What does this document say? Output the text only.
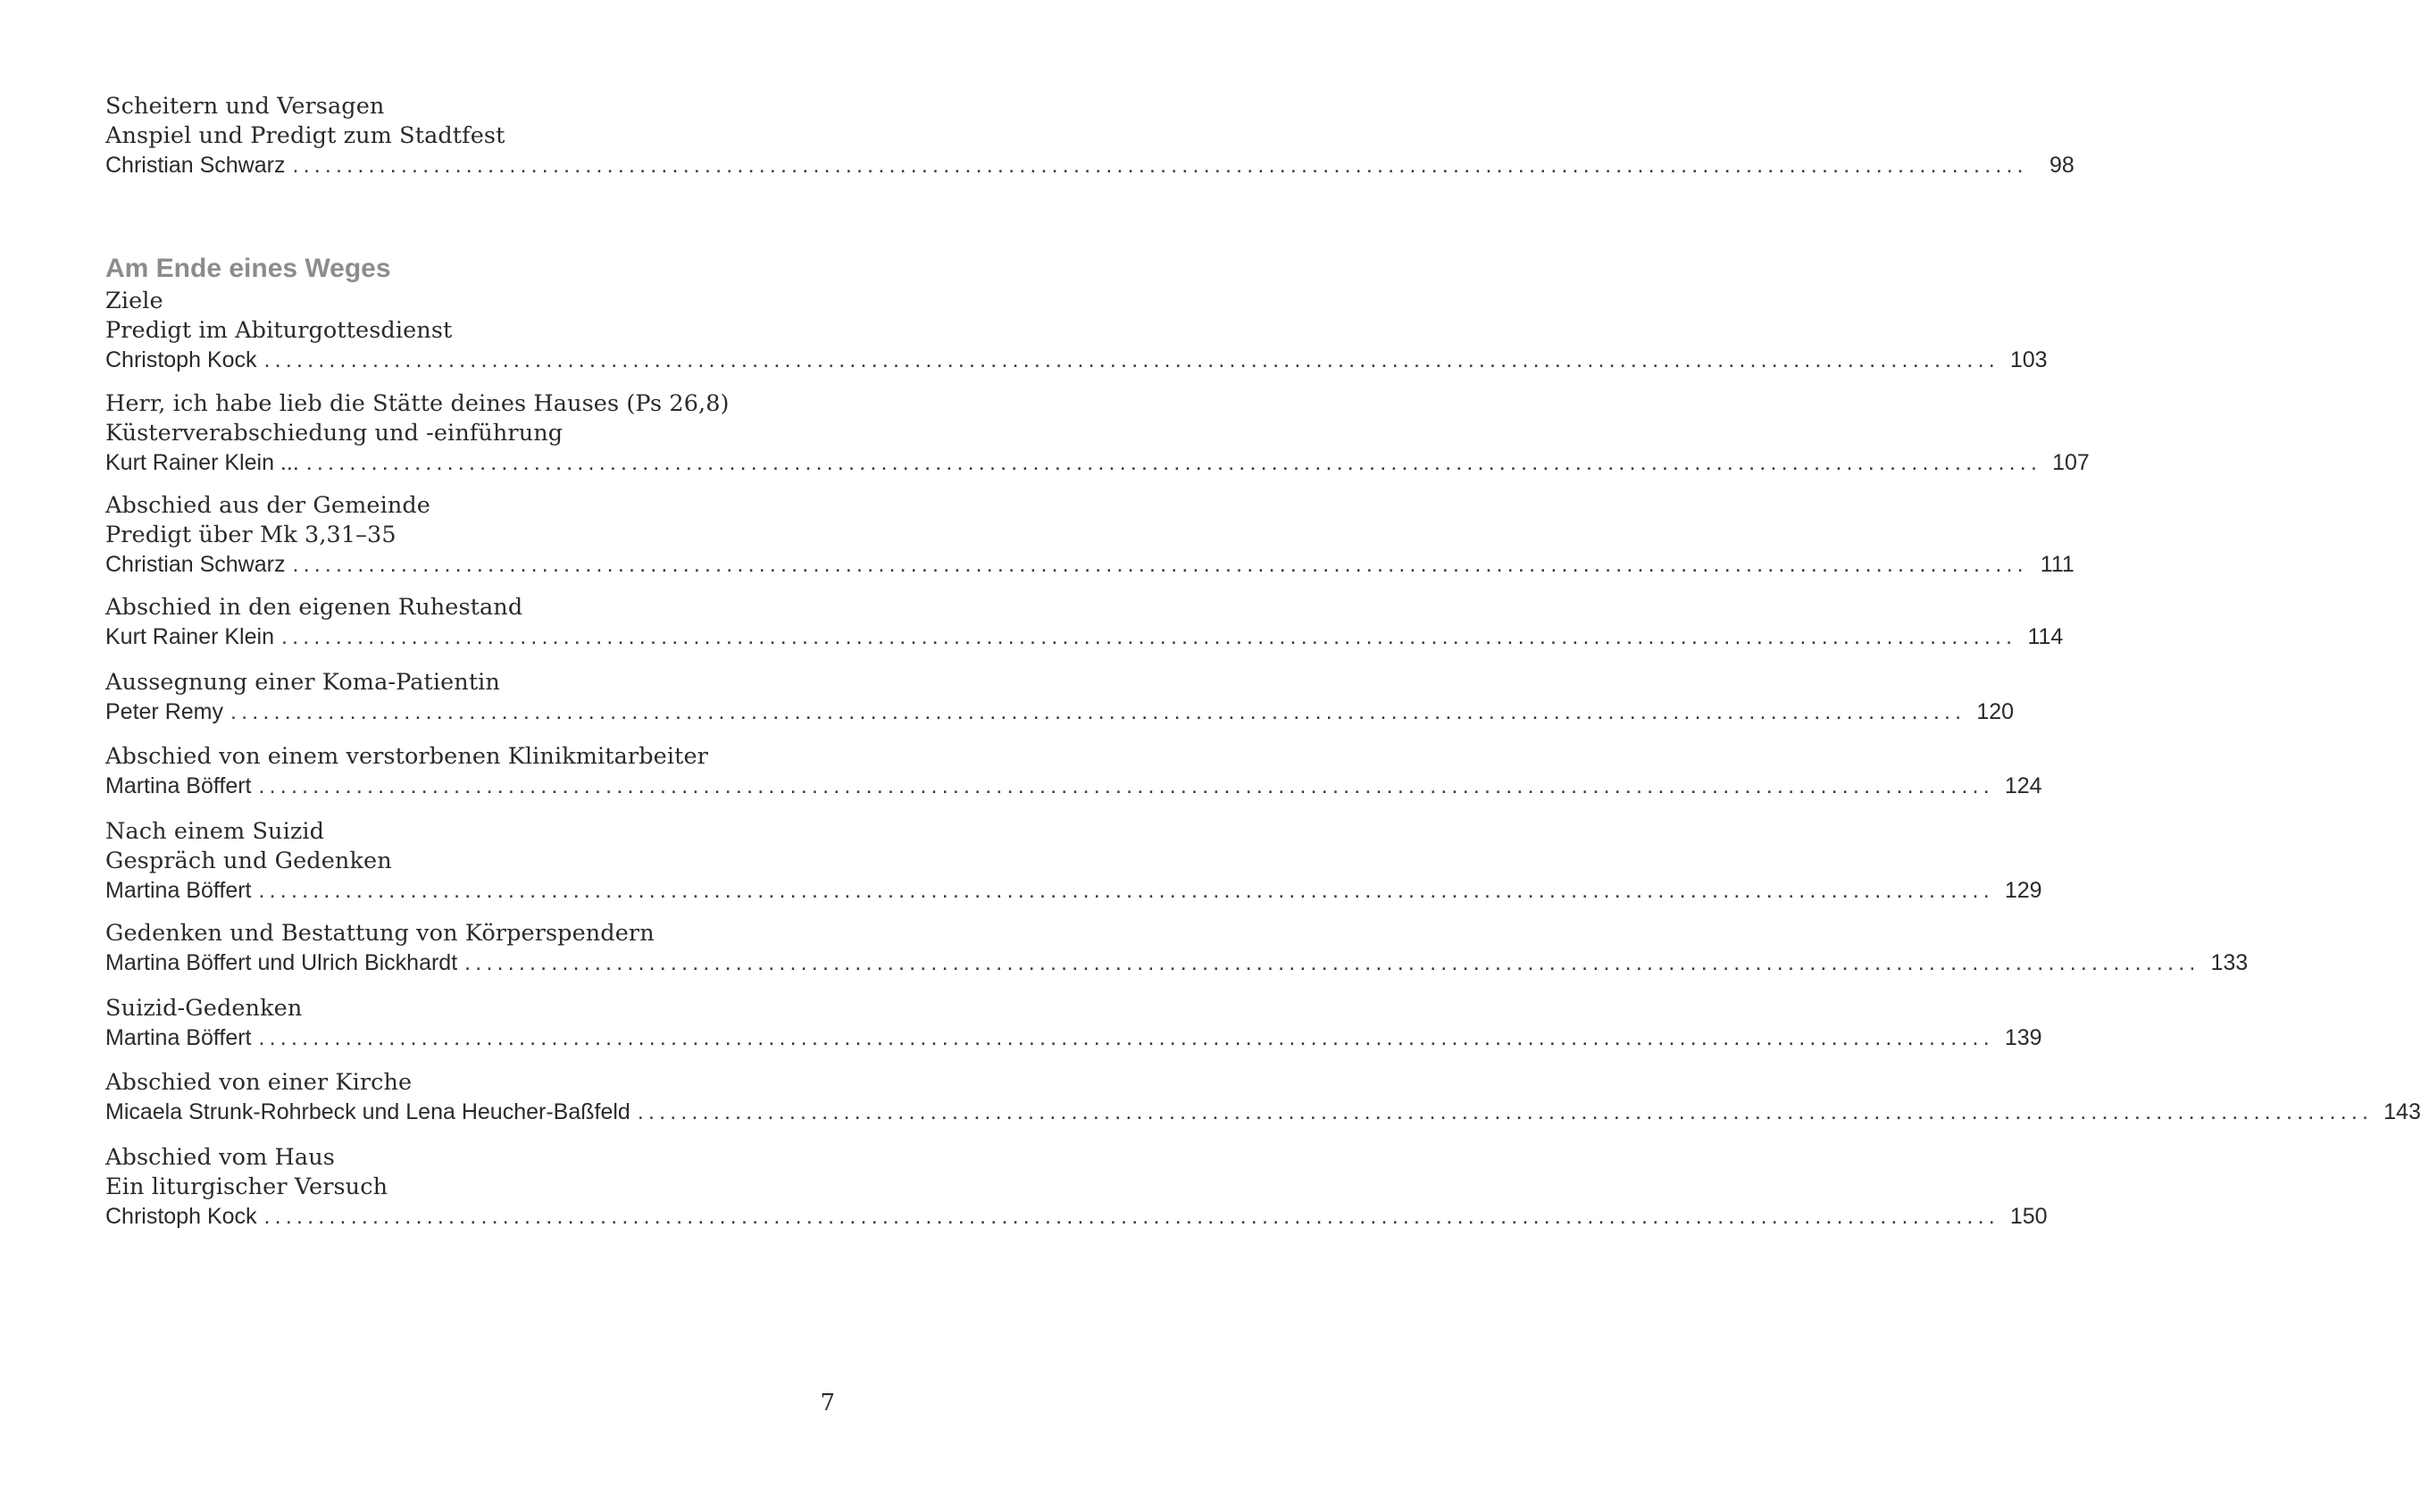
Scheitern und Versagen
Anspiel und Predigt zum Stadtfest
Christian Schwarz ................................................................................................................................................................ 98
Am Ende eines Weges
Ziele
Predigt im Abiturgottesdienst
Christoph Kock ................................................................................................................................................................ 103
Herr, ich habe lieb die Stätte deines Hauses (Ps 26,8)
Küsterverabschiedung und -einführung
Kurt Rainer Klein ... ................................................................................................................................................................ 107
Abschied aus der Gemeinde
Predigt über Mk 3,31–35
Christian Schwarz ................................................................................................................................................................ 111
Abschied in den eigenen Ruhestand
Kurt Rainer Klein ................................................................................................................................................................ 114
Aussegnung einer Koma-Patientin
Peter Remy ................................................................................................................................................................ 120
Abschied von einem verstorbenen Klinikmitarbeiter
Martina Böffert ................................................................................................................................................................ 124
Nach einem Suizid
Gespräch und Gedenken
Martina Böffert ................................................................................................................................................................ 129
Gedenken und Bestattung von Körperspendern
Martina Böffert und Ulrich Bickhardt ................................................................................................................................................................ 133
Suizid-Gedenken
Martina Böffert ................................................................................................................................................................ 139
Abschied von einer Kirche
Micaela Strunk-Rohrbeck und Lena Heucher-Baßfeld ................................................................................................................................................................ 143
Abschied vom Haus
Ein liturgischer Versuch
Christoph Kock ................................................................................................................................................................ 150
7
